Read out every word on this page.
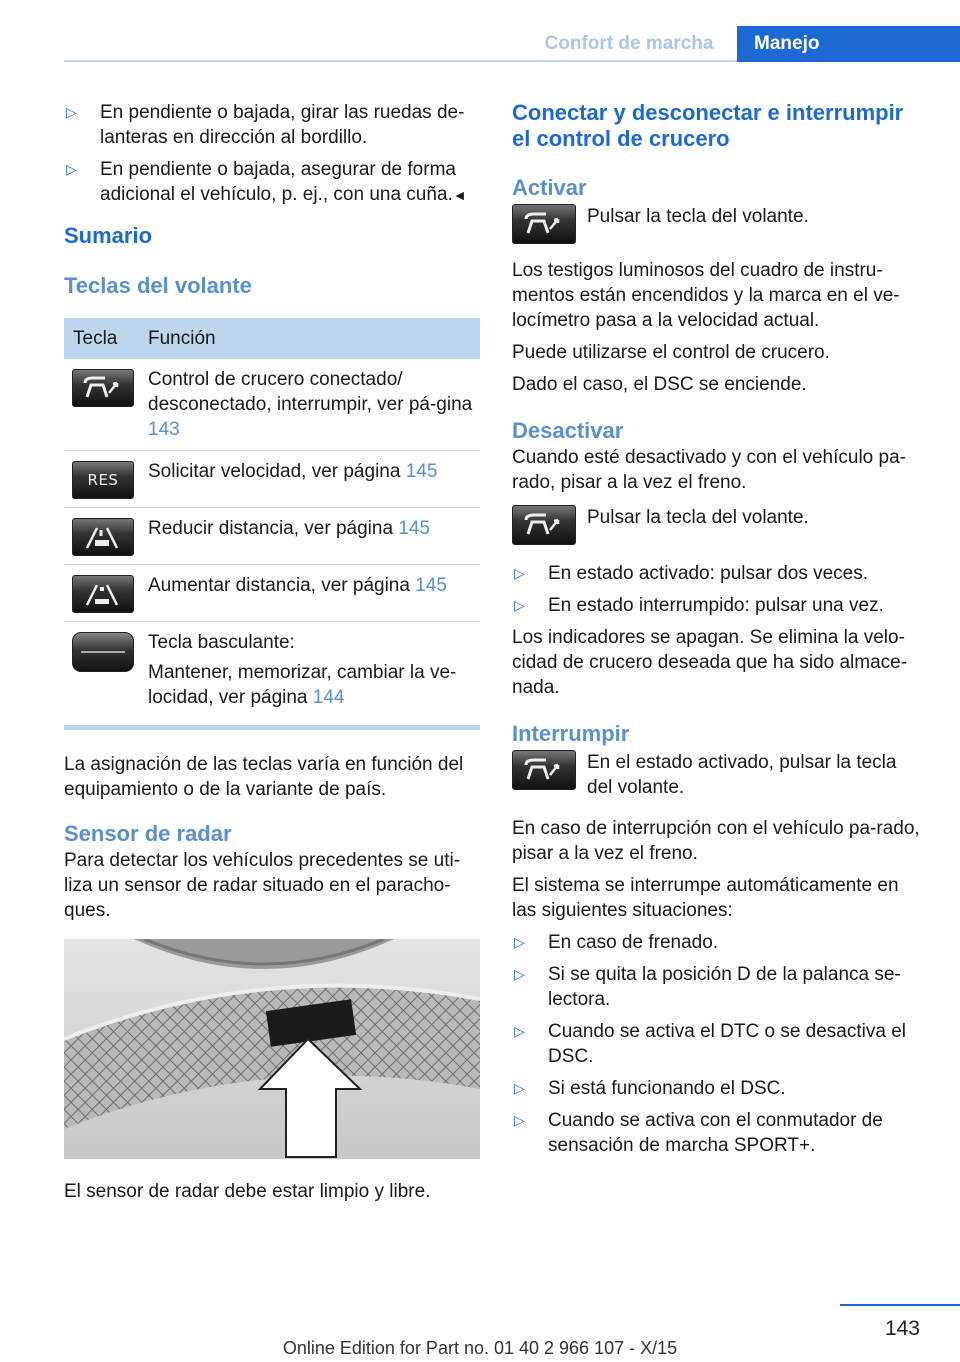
Confort de marcha	Manejo
▷ En pendiente o bajada, girar las ruedas de-lanteras en dirección al bordillo.
▷ En pendiente o bajada, asegurar de forma adicional el vehículo, p. ej., con una cuña.◄
Sumario
Teclas del volante
Tecla	Función
Control de crucero conectado/ desconectado, interrumpir, ver pá-gina 143
RES Solicitar velocidad, ver página 145
Reducir distancia, ver página 145
Aumentar distancia, ver página 145

Tecla basculante:

Mantener, memorizar, cambiar la ve-locidad, ver página 144

La asignación de las teclas varía en función del equipamiento o de la variante de país.

Sensor de radar

Para detectar los vehículos precedentes se uti-liza un sensor de radar situado en el paracho-ques.

El sensor de radar debe estar limpio y libre.

Conectar y desconectar e interrumpir el control de crucero
Activar
Pulsar la tecla del volante.

Los testigos luminosos del cuadro de instru-mentos están encendidos y la marca en el ve-locímetro pasa a la velocidad actual.

Puede utilizarse el control de crucero.

Dado el caso, el DSC se enciende.

Desactivar

Cuando esté desactivado y con el vehículo pa-rado, pisar a la vez el freno.

Pulsar la tecla del volante.
▷ En estado activado: pulsar dos veces.
▷ En estado interrumpido: pulsar una vez.

Los indicadores se apagan. Se elimina la velo-cidad de crucero deseada que ha sido almace-nada.

Interrumpir
En el estado activado, pulsar la tecla del volante.

En caso de interrupción con el vehículo pa-rado, pisar a la vez el freno.

El sistema se interrumpe automáticamente en las siguientes situaciones:

▷ En caso de frenado.
▷ Si se quita la posición D de la palanca se-lectora.
▷ Cuando se activa el DTC o se desactiva el DSC.
▷ Si está funcionando el DSC.
▷ Cuando se activa con el conmutador de sensación de marcha SPORT+.
143
Online Edition for Part no. 01 40 2 966 107 - X/15
